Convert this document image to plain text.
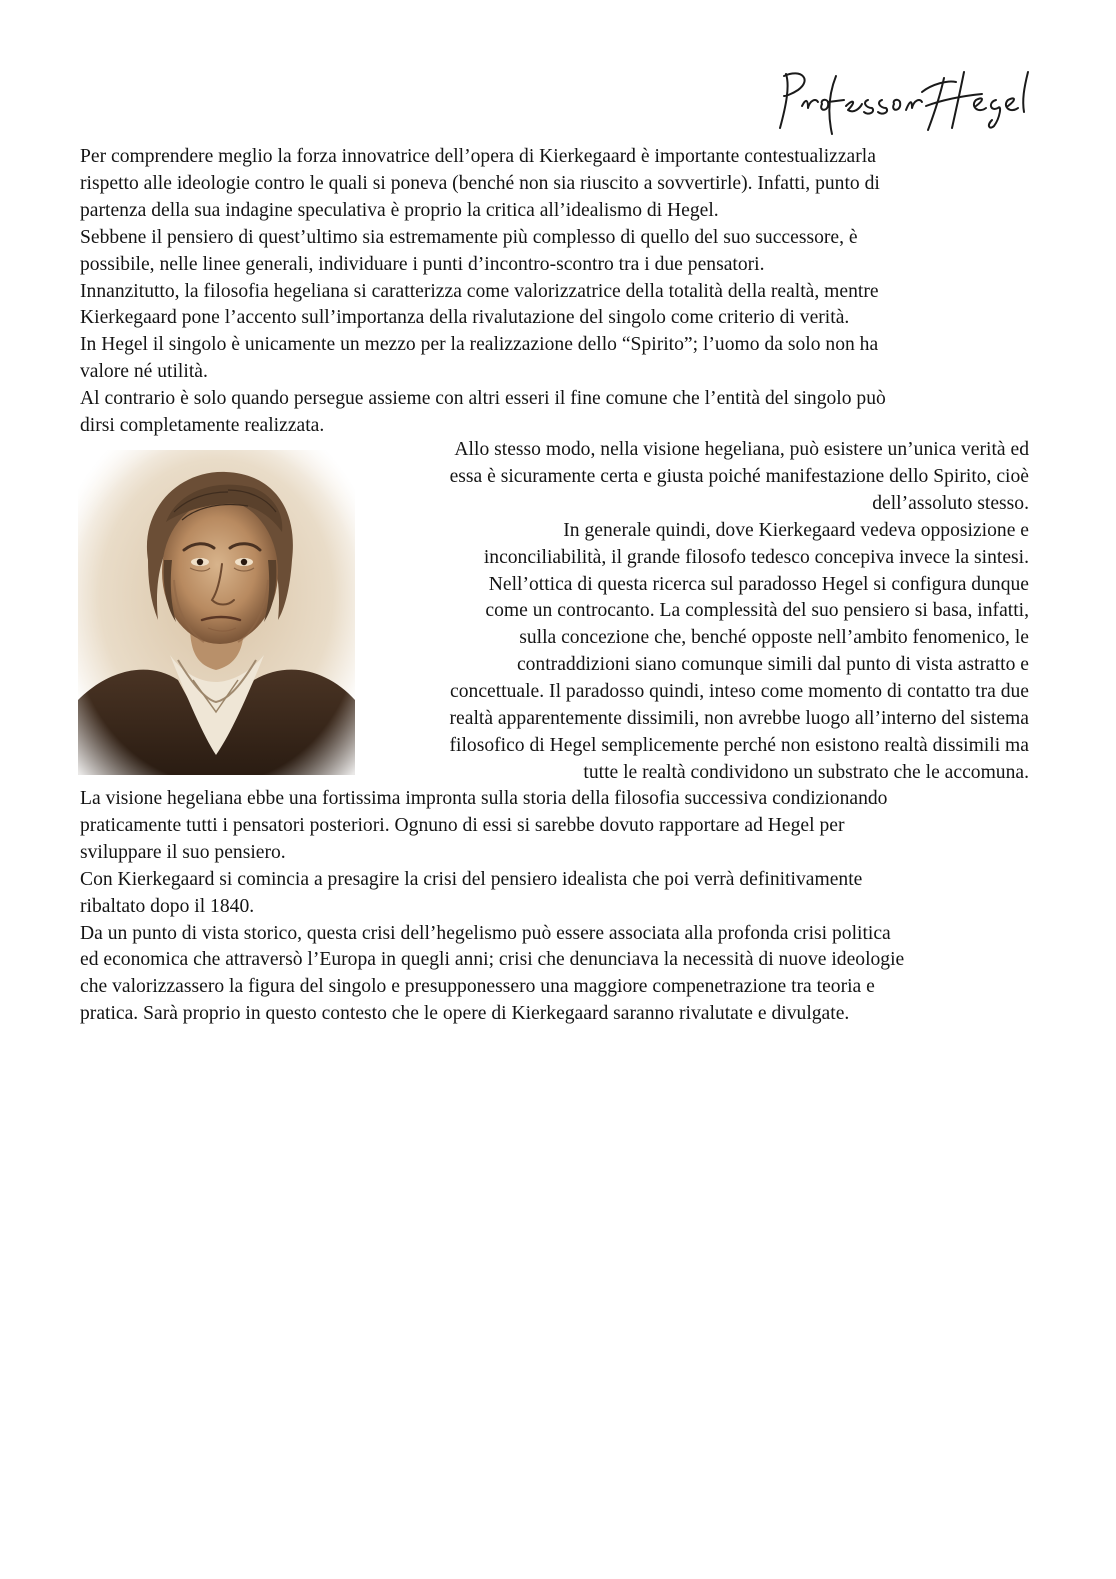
Per comprendere meglio la forza innovatrice dell’opera di Kierkegaard è importante contestualizzarla
rispetto alle ideologie contro le quali si poneva (benché non sia riuscito a sovvertirle). Infatti, punto di
partenza della sua indagine speculativa è proprio la critica all’idealismo di Hegel.
Sebbene il pensiero di quest’ultimo sia estremamente più complesso di quello del suo successore, è
possibile, nelle linee generali, individuare i punti d’incontro-scontro tra i due pensatori.
Innanzitutto, la filosofia hegeliana si caratterizza come valorizzatrice della totalità della realtà, mentre
Kierkegaard pone l’accento sull’importanza della rivalutazione del singolo come criterio di verità.
In Hegel il singolo è unicamente un mezzo per la realizzazione dello “Spirito”; l’uomo da solo non ha
valore né utilità.
Al contrario è solo quando persegue assieme con altri esseri il fine comune che l’entità del singolo può
dirsi completamente realizzata.
Allo stesso modo, nella visione hegeliana, può esistere un’unica verità ed
essa è sicuramente certa e giusta poiché manifestazione dello Spirito, cioè
dell’assoluto stesso.
In generale quindi, dove Kierkegaard vedeva opposizione e
inconciliabilità, il grande filosofo tedesco concepiva invece la sintesi.
Nell’ottica di questa ricerca sul paradosso Hegel si configura dunque
come un controcanto. La complessità del suo pensiero si basa, infatti,
sulla concezione che, benché opposte nell’ambito fenomenico, le
contraddizioni siano comunque simili dal punto di vista astratto e
concettuale. Il paradosso quindi, inteso come momento di contatto tra due
realtà apparentemente dissimili, non avrebbe luogo all’interno del sistema
filosofico di Hegel semplicemente perché non esistono realtà dissimili ma
tutte le realtà condividono un substrato che le accomuna.
La visione hegeliana ebbe una fortissima impronta sulla storia della filosofia successiva condizionando
praticamente tutti i pensatori posteriori. Ognuno di essi si sarebbe dovuto rapportare ad Hegel per
sviluppare il suo pensiero.
Con Kierkegaard si comincia a presagire la crisi del pensiero idealista che poi verrà definitivamente
ribaltato dopo il 1840.
Da un punto di vista storico, questa crisi dell’hegelismo può essere associata alla profonda crisi politica
ed economica che attraversò l’Europa in quegli anni; crisi che denunciava la necessità di nuove ideologie
che valorizzassero la figura del singolo e presupponessero una maggiore compenetrazione tra teoria e
pratica. Sarà proprio in questo contesto che le opere di Kierkegaard saranno rivalutate e divulgate.
